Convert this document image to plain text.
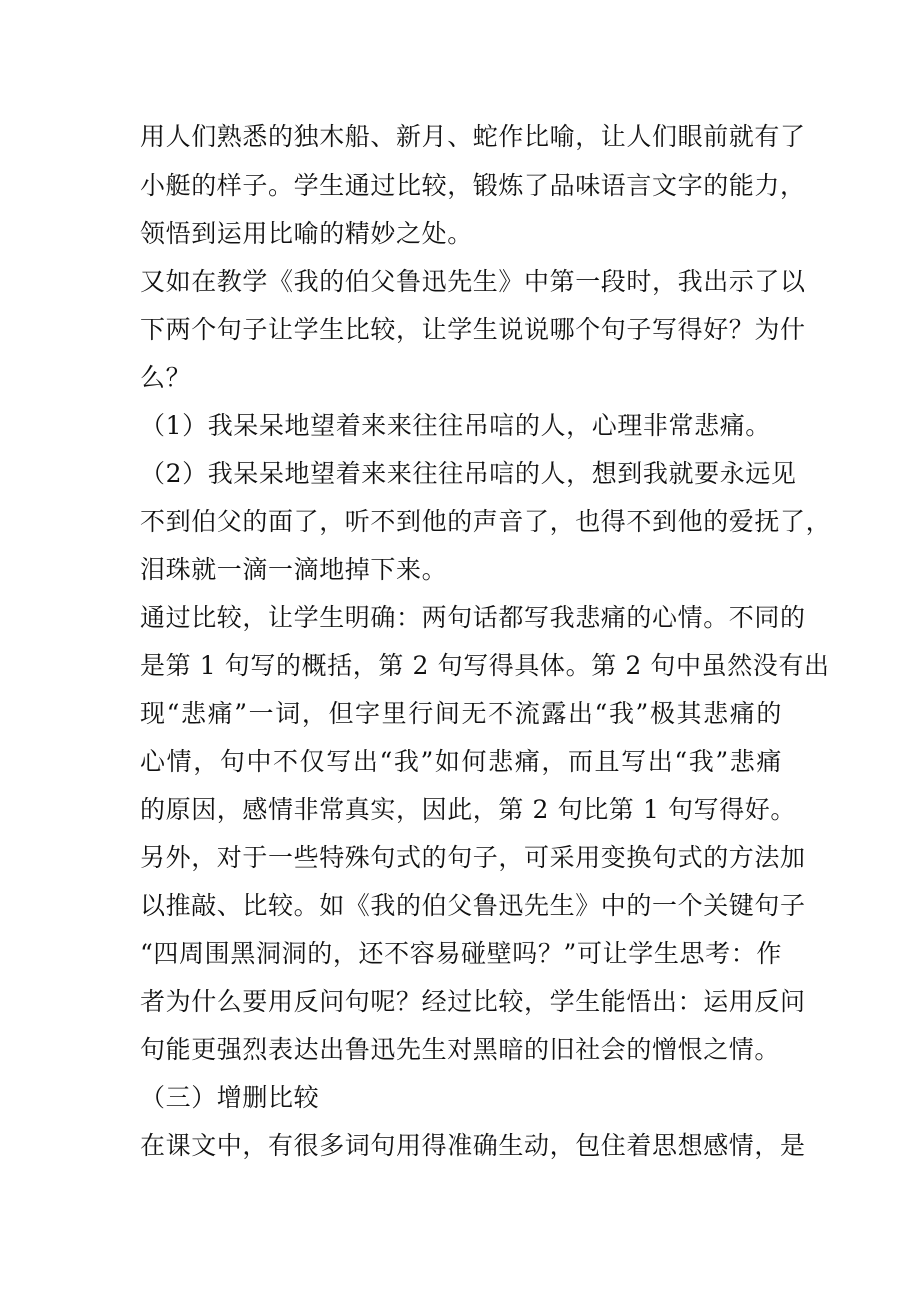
用人们熟悉的独木船、新月、蛇作比喻，让人们眼前就有了

小艇的样子。学生通过比较，锻炼了品味语言文字的能力，

领悟到运用比喻的精妙之处。

又如在教学《我的伯父鲁迅先生》中第一段时，我出示了以

下两个句子让学生比较，让学生说说哪个句子写得好？为什

么？

（1）我呆呆地望着来来往往吊唁的人，心理非常悲痛。

（2）我呆呆地望着来来往往吊唁的人，想到我就要永远见

不到伯父的面了，听不到他的声音了，也得不到他的爱抚了，

泪珠就一滴一滴地掉下来。

通过比较，让学生明确：两句话都写我悲痛的心情。不同的

是第 1 句写的概括，第 2 句写得具体。第 2 句中虽然没有出

现“悲痛”一词，但字里行间无不流露出“我”极其悲痛的

心情，句中不仅写出“我”如何悲痛，而且写出“我”悲痛

的原因，感情非常真实，因此，第 2 句比第 1 句写得好。

另外，对于一些特殊句式的句子，可采用变换句式的方法加

以推敲、比较。如《我的伯父鲁迅先生》中的一个关键句子

“四周围黑洞洞的，还不容易碰壁吗？”可让学生思考：作

者为什么要用反问句呢？经过比较，学生能悟出：运用反问

句能更强烈表达出鲁迅先生对黑暗的旧社会的憎恨之情。

（三）增删比较

在课文中，有很多词句用得准确生动，包住着思想感情，是
